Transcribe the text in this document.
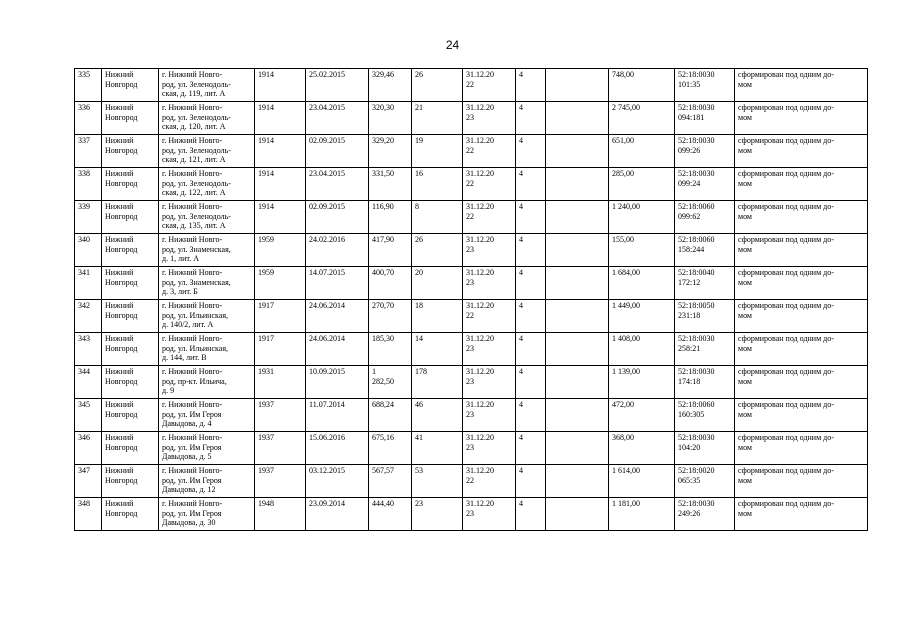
24
335	Нижний
Новгород	г. Нижний Новго-
род, ул. Зеленодоль-
ская, д. 119, лит. А	1914	25.02.2015	329,46	26	31.12.20
22	4		748,00	52:18:0030
101:35	сформирован под одним до-
мом
336	Нижний
Новгород	г. Нижний Новго-
род, ул. Зеленодоль-
ская, д. 120, лит. А	1914	23.04.2015	320,30	21	31.12.20
23	4		2 745,00	52:18:0030
094:181	сформирован под одним до-
мом
337	Нижний
Новгород	г. Нижний Новго-
род, ул. Зеленодоль-
ская, д. 121, лит. А	1914	02.09.2015	329,20	19	31.12.20
22	4		651,00	52:18:0030
099:26	сформирован под одним до-
мом
338	Нижний
Новгород	г. Нижний Новго-
род, ул. Зеленодоль-
ская, д. 122, лит. А	1914	23.04.2015	331,50	16	31.12.20
22	4		285,00	52:18:0030
099:24	сформирован под одним до-
мом
339	Нижний
Новгород	г. Нижний Новго-
род, ул. Зеленодоль-
ская, д. 135, лит. А	1914	02.09.2015	116,90	8	31.12.20
22	4		1 240,00	52:18:0060
099:62	сформирован под одним до-
мом
340	Нижний
Новгород	г. Нижний Новго-
род, ул. Знаменская,
д. 1, лит. А	1959	24.02.2016	417,90	26	31.12.20
23	4		155,00	52:18:0060
158:244	сформирован под одним до-
мом
341	Нижний
Новгород	г. Нижний Новго-
род, ул. Знаменская,
д. 3, лит. Б	1959	14.07.2015	400,70	20	31.12.20
23	4		1 684,00	52:18:0040
172:12	сформирован под одним до-
мом
342	Нижний
Новгород	г. Нижний Новго-
род, ул. Ильинская,
д. 140/2, лит. А	1917	24.06.2014	270,70	18	31.12.20
22	4		1 449,00	52:18:0050
231:18	сформирован под одним до-
мом
343	Нижний
Новгород	г. Нижний Новго-
род, ул. Ильинская,
д. 144, лит. В	1917	24.06.2014	185,30	14	31.12.20
23	4		1 408,00	52:18:0030
258:21	сформирован под одним до-
мом
344	Нижний
Новгород	г. Нижний Новго-
род, пр-кт. Ильича,
д. 9	1931	10.09.2015	1
282,50	178	31.12.20
23	4		1 139,00	52:18:0030
174:18	сформирован под одним до-
мом
345	Нижний
Новгород	г. Нижний Новго-
род, ул. Им Героя
Давыдова, д. 4	1937	11.07.2014	688,24	46	31.12.20
23	4		472,00	52:18:0060
160:305	сформирован под одним до-
мом
346	Нижний
Новгород	г. Нижний Новго-
род, ул. Им Героя
Давыдова, д. 5	1937	15.06.2016	675,16	41	31.12.20
23	4		368,00	52:18:0030
104:20	сформирован под одним до-
мом
347	Нижний
Новгород	г. Нижний Новго-
род, ул. Им Героя
Давыдова, д. 12	1937	03.12.2015	567,57	53	31.12.20
22	4		1 614,00	52:18:0020
065:35	сформирован под одним до-
мом
348	Нижний
Новгород	г. Нижний Новго-
род, ул. Им Героя
Давыдова, д. 30	1948	23.09.2014	444,40	23	31.12.20
23	4		1 181,00	52:18:0030
249:26	сформирован под одним до-
мом
